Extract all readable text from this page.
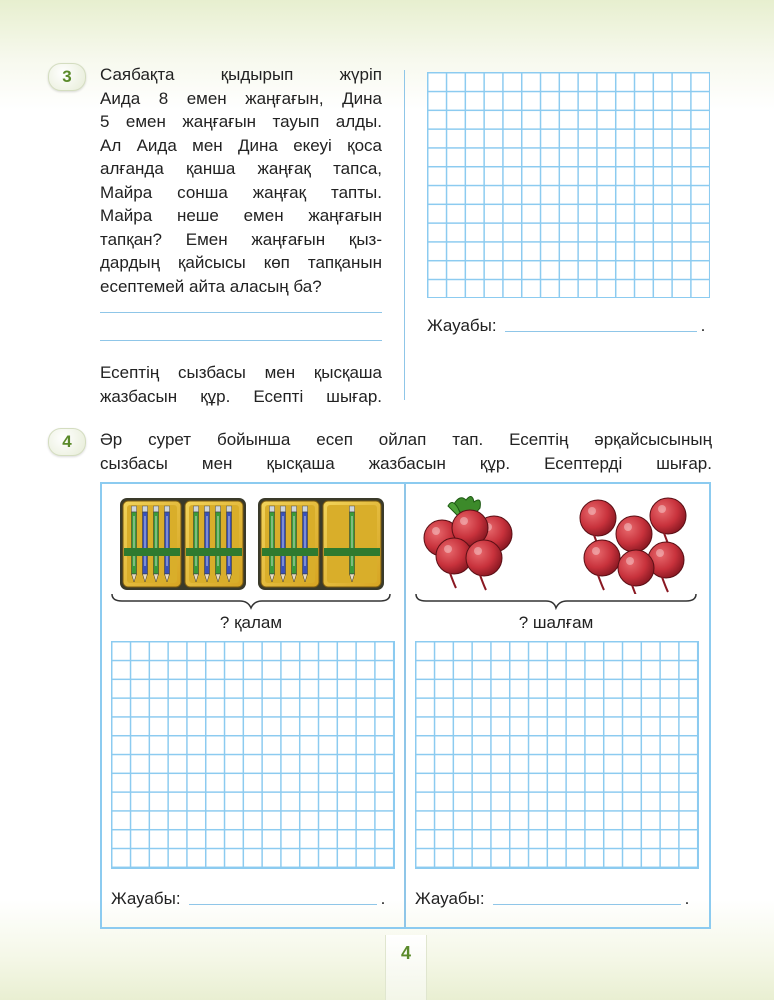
3 Саябақта қыдырып жүріп
Аида 8 емен жаңғағын, Дина
5 емен жаңғағын тауып алды.
Ал Аида мен Дина екеуі қоса
алғанда қанша жаңғақ тапса,
Майра сонша жаңғақ тапты.
Майра неше емен жаңғағын
тапқан? Емен жаңғағын қыз-
дардың қайсысы көп тапқанын
есептемей айта аласың ба?
Есептің сызбасы мен қысқаша
жазбасын құр. Есепті шығар.
Жауабы:	.
4 Әр сурет бойынша есеп ойлап тап. Есептің әрқайсысының
сызбасы мен қысқаша жазбасын құр. Есептерді шығар.
? қалам	? шалғам
Жауабы:	. Жауабы:	.
4
